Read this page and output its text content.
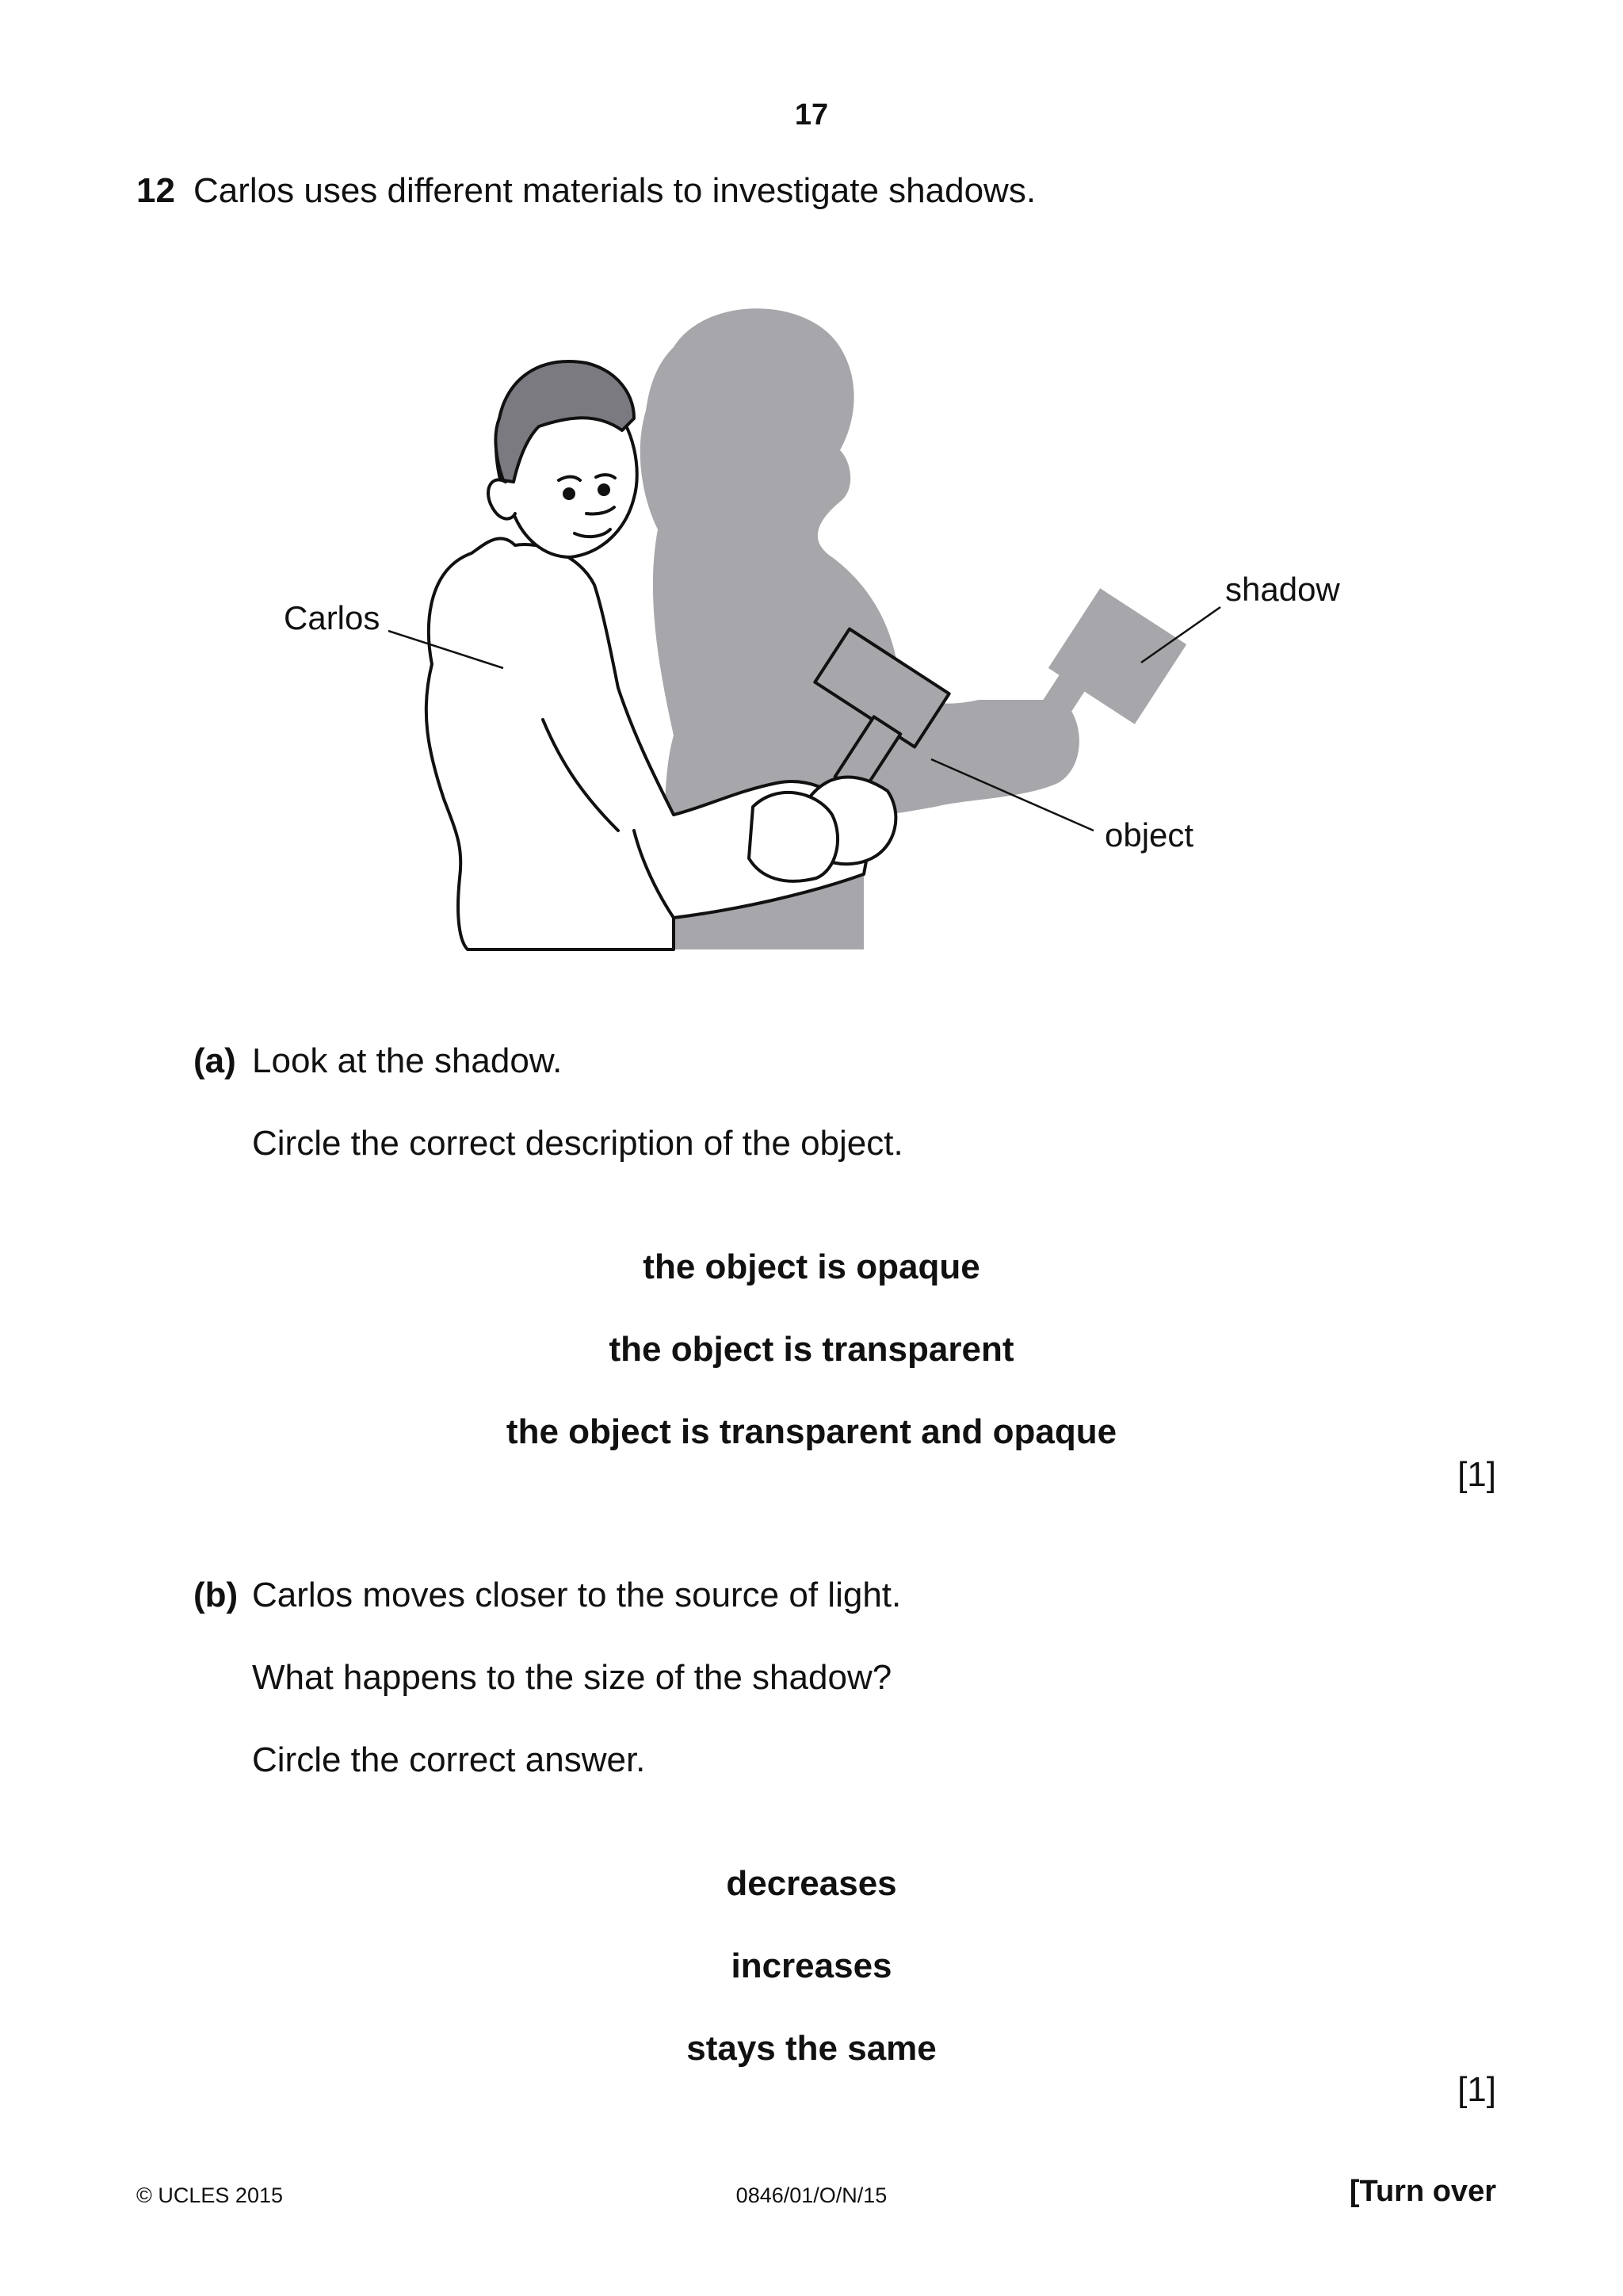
17
12 Carlos uses different materials to investigate shadows.
Carlos
shadow
object
(a) Look at the shadow.
Circle the correct description of the object.
the object is opaque
the object is transparent
the object is transparent and opaque
[1]
(b) Carlos moves closer to the source of light.
What happens to the size of the shadow?
Circle the correct answer.
decreases
increases
stays the same
[1]
© UCLES 2015	0846/01/O/N/15	[Turn over
